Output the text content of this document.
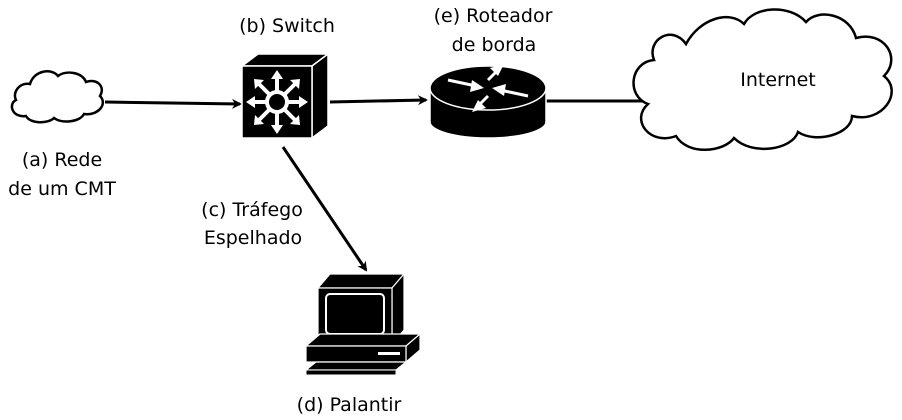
(a) Rede
de um CMT
(b) Switch
(c) Tráfego
Espelhado
(e) Roteador
de borda
Internet
(d) Palantir
